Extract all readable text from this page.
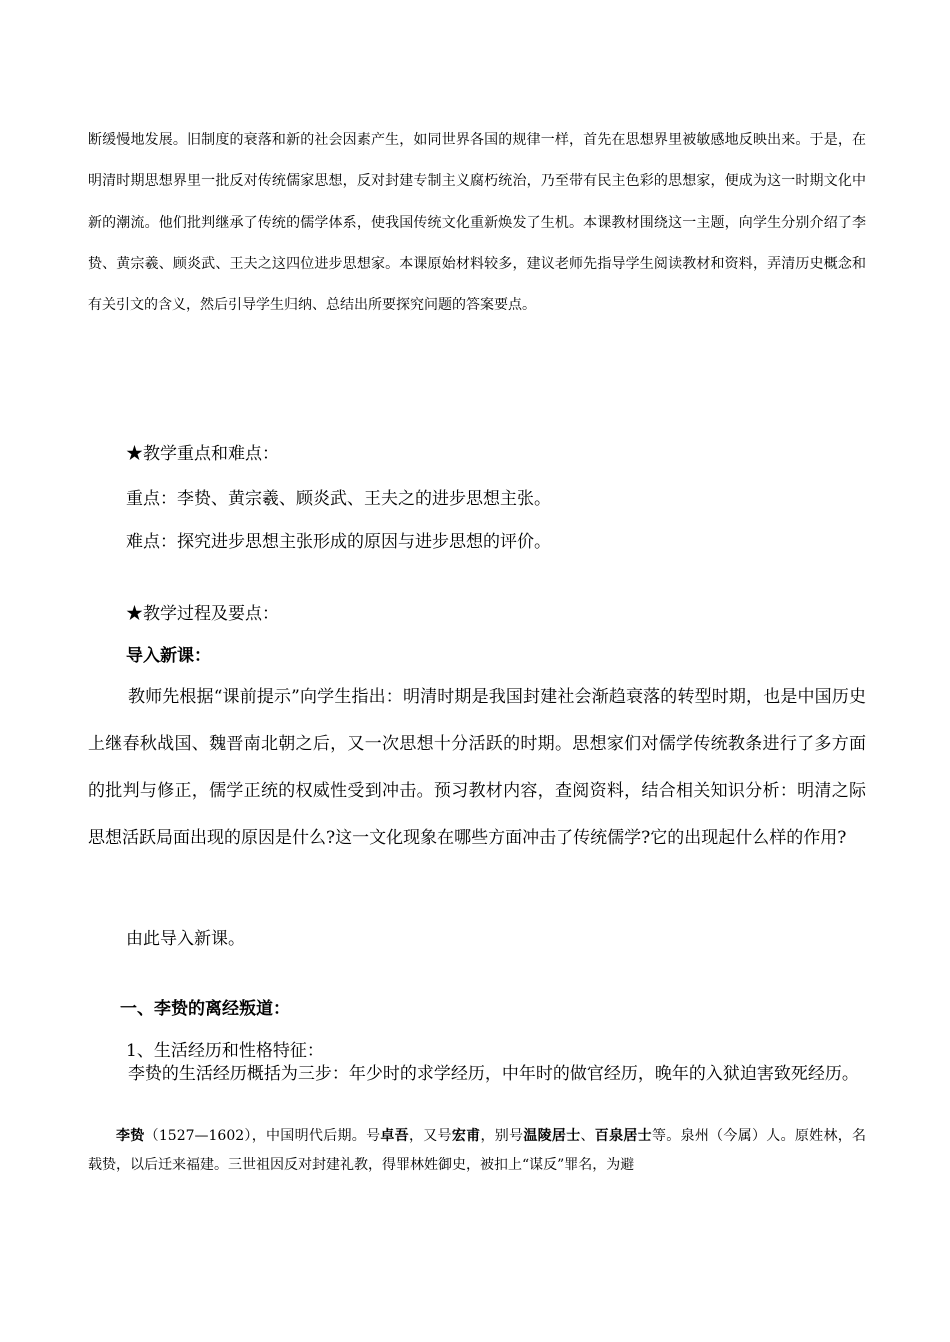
断缓慢地发展。旧制度的衰落和新的社会因素产生，如同世界各国的规律一样，首先在思想界里被敏感地反映出来。于是，在明清时期思想界里一批反对传统儒家思想，反对封建专制主义腐朽统治，乃至带有民主色彩的思想家，便成为这一时期文化中新的潮流。他们批判继承了传统的儒学体系，使我国传统文化重新焕发了生机。本课教材围绕这一主题，向学生分别介绍了李贽、黄宗羲、顾炎武、王夫之这四位进步思想家。本课原始材料较多，建议老师先指导学生阅读教材和资料，弄清历史概念和有关引文的含义，然后引导学生归纳、总结出所要探究问题的答案要点。

★教学重点和难点：
重点：李贽、黄宗羲、顾炎武、王夫之的进步思想主张。
难点：探究进步思想主张形成的原因与进步思想的评价。
★教学过程及要点：
导入新课：

教师先根据“课前提示”向学生指出：明清时期是我国封建社会渐趋衰落的转型时期，也是中国历史上继春秋战国、魏晋南北朝之后，又一次思想十分活跃的时期。思想家们对儒学传统教条进行了多方面的批判与修正，儒学正统的权威性受到冲击。预习教材内容，查阅资料，结合相关知识分析：明清之际思想活跃局面出现的原因是什么?这一文化现象在哪些方面冲击了传统儒学?它的出现起什么样的作用?

由此导入新课。
一、李贽的离经叛道：
1、生活经历和性格特征：

李贽的生活经历概括为三步：年少时的求学经历，中年时的做官经历，晚年的入狱迫害致死经历。

李贽（1527—1602），中国明代后期。号卓吾，又号宏甫，别号温陵居士、百泉居士等。泉州（今属）人。原姓林，名载贽，以后迁来福建。三世祖因反对封建礼教，得罪林姓御史，被扣上“谋反”罪名，为避
